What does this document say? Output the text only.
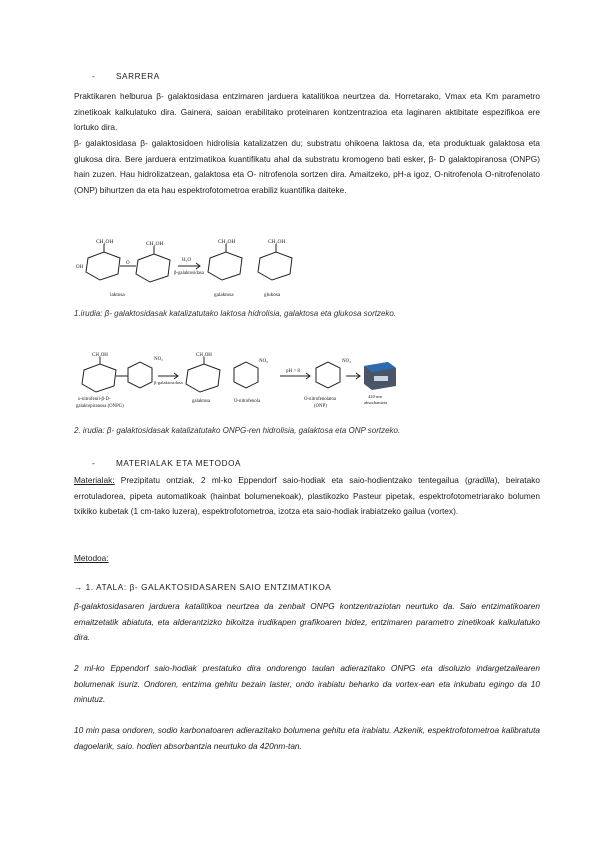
-	SARRERA
Praktikaren helburua β- galaktosidasa entzimaren jarduera katalitikoa neurtzea da. Horretarako, Vmax eta Km parametro zinetikoak kalkulatuko dira. Gainera, saioan erabilitako proteinaren kontzentrazioa eta laginaren aktibitate espezifikoa ere lortuko dira.
β- galaktosidasa β- galaktosidoen hidrolisia katalizatzen du; substratu ohikoena laktosa da, eta produktuak galaktosa eta glukosa dira. Bere jarduera entzimatikoa kuantifikatu ahal da substratu kromogeno bati esker, β- D galaktopiranosa (ONPG) hain zuzen. Hau hidrolizatzean, galaktosa eta O- nitrofenola sortzen dira. Amaitzeko, pH-a igoz, O-nitrofenola O-nitrofenolato (ONP) bihurtzen da eta hau espektrofotometroa erabiliz kuantifika daiteke.
CH₂OH	CH₂OH	CH₂OH	CH₂OH
O
OH
H₂O
β-galaktosidasa
laktosa	galaktosa	glukosa
1.irudia: β- galaktosidasak katalizatutako laktosa hidrolisia, galaktosa eta glukosa sortzeko.
CH₂OH	CH₂OH
NO₂	NO₂	NO₂
β-galaktosidasa
pH > 8
o-nitrofenil-β-D-
galaktopiranosa (ONPG)
galaktosa	O-nitrofenola	O-nitrofenolatoa
(ONP)
420 nm
absorbantzia
2. irudia: β- galaktosidasak katalizatutako ONPG-ren hidrolisia, galaktosa eta ONP sortzeko.
-	MATERIALAK ETA METODOA
Materialak: Prezipitatu ontziak, 2 ml-ko Eppendorf saio-hodiak eta saio-hodientzako tentegailua (gradilla), beiratako errotuladorea, pipeta automatikoak (hainbat bolumenekoak), plastikozko Pasteur pipetak, espektrofotometriarako bolumen txikiko kubetak (1 cm-tako luzera), espektrofotometroa, izotza eta saio-hodiak irabiatzeko gailua (vortex).
Metodoa:
→ 1. ATALA: β- GALAKTOSIDASAREN SAIO ENTZIMATIKOA
β-galaktosidasaren jarduera katalitikoa neurtzea da zenbait ONPG kontzentraziotan neurtuko da. Saio entzimatikoaren emaitzetatik abiatuta, eta alderantzizko bikoitza irudikapen grafikoaren bidez, entzimaren parametro zinetikoak kalkulatuko dira.
2 ml-ko Eppendorf saio-hodiak prestatuko dira ondorengo taulan adierazitako ONPG eta disoluzio indargetzailearen bolumenak isuriz. Ondoren, entzima gehitu bezain laster, ondo irabiatu beharko da vortex-ean eta inkubatu egingo da 10 minutuz.
10 min pasa ondoren, sodio karbonatoaren adierazitako bolumena gehitu eta irabiatu. Azkenik, espektrofotometroa kalibratuta dagoelarik, saio. hodien absorbantzia neurtuko da 420nm-tan.
